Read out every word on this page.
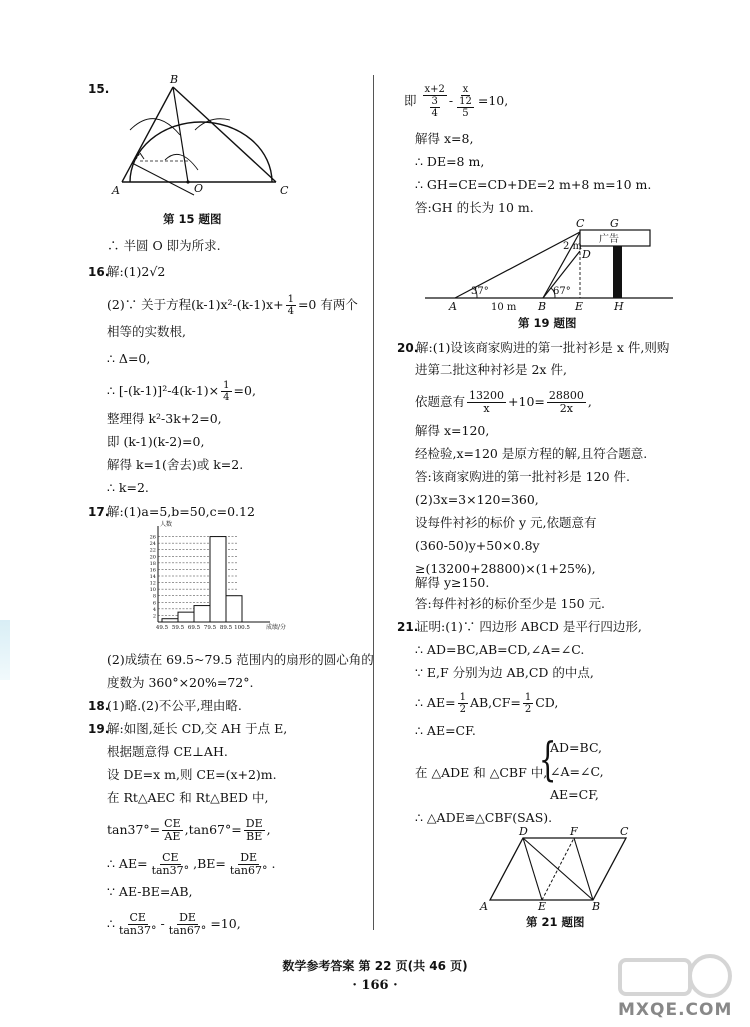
15.
A
B
C
O
第 15 题图
∴ 半圆 O 即为所求.
16.
解:(1)2√2
(2)∵ 关于方程$(k-1)x^2-(k-1)x+ \frac{1}{4} =0$ 有两个
相等的实数根,
∴ Δ=0,
∴ $[-(k-1)]^2-4(k-1)\times \frac{1}{4} =0$,
整理得 k²-3k+2=0,
即 (k-1)(k-2)=0,
解得 k=1(舍去)或 k=2.
∴ k=2.
17.
解:(1)a=5,b=50,c=0.12
2
4
6
8
10
12
14
16
18
20
22
24
26
49.5 59.5 69.5 79.5 89.5 100.5
人数
成绩/分
(2)成绩在 69.5~79.5 范围内的扇形的圆心角的
度数为 360°×20%=72°.
18.
(1)略.(2)不公平,理由略.
19.
解:如图,延长 CD,交 AH 于点 E,
根据题意得 CE⊥AH.
设 DE=x m,则 CE=(x+2)m.
在 Rt△AEC 和 Rt△BED 中,
$\tan 37^\circ= \frac{CE}{AE} ,\tan 67^\circ= \frac{DE}{BE}$ ,
∴ $AE= \frac{CE}{\tan 37^\circ} ,BE= \frac{DE}{\tan 67^\circ}$ .
∵ AE-BE=AB,
∴ $\frac{CE}{\tan 37^\circ} - \frac{DE}{\tan 67^\circ} =10$,
即 $\frac{x+2}{\frac{3}{4}} - \frac{x}{\frac{12}{5}} =10$,
解得 x=8,
∴ DE=8 m,
∴ GH=CE=CD+DE=2 m+8 m=10 m.
答:GH 的长为 10 m.
C G
广告
D
2 m
A	B	E	H
10 m
37°	67°
第 19 题图
20.
解:(1)设该商家购进的第一批衬衫是 x 件,则购
进第二批这种衬衫是 2x 件,
依题意有 $\frac{13200}{x} +10= \frac{28800}{2x}$ ,
解得 x=120,
经检验,x=120 是原方程的解,且符合题意.
答:该商家购进的第一批衬衫是 120 件.
(2)3x=3×120=360,
设每件衬衫的标价 y 元,依题意有
(360-50)y+50×0.8y
≥(13200+28800)×(1+25%),
解得 y≥150.
答:每件衬衫的标价至少是 150 元.
21.
证明:(1)∵ 四边形 ABCD 是平行四边形,
∴ AD=BC,AB=CD,∠A=∠C.
∵ E,F 分别为边 AB,CD 的中点,
∴ $AE= \frac{1}{2} AB,CF= \frac{1}{2}$ CD,
∴ AE=CF.
在 △ADE 和 △CBF 中,
{
AD=BC,
∠A=∠C,
AE=CF,
∴ △ADE≌△CBF(SAS).
D	F	C
A	E	B
第 21 题图
数学参考答案 第 22 页(共 46 页)
· 166 ·
MXQE.COM
